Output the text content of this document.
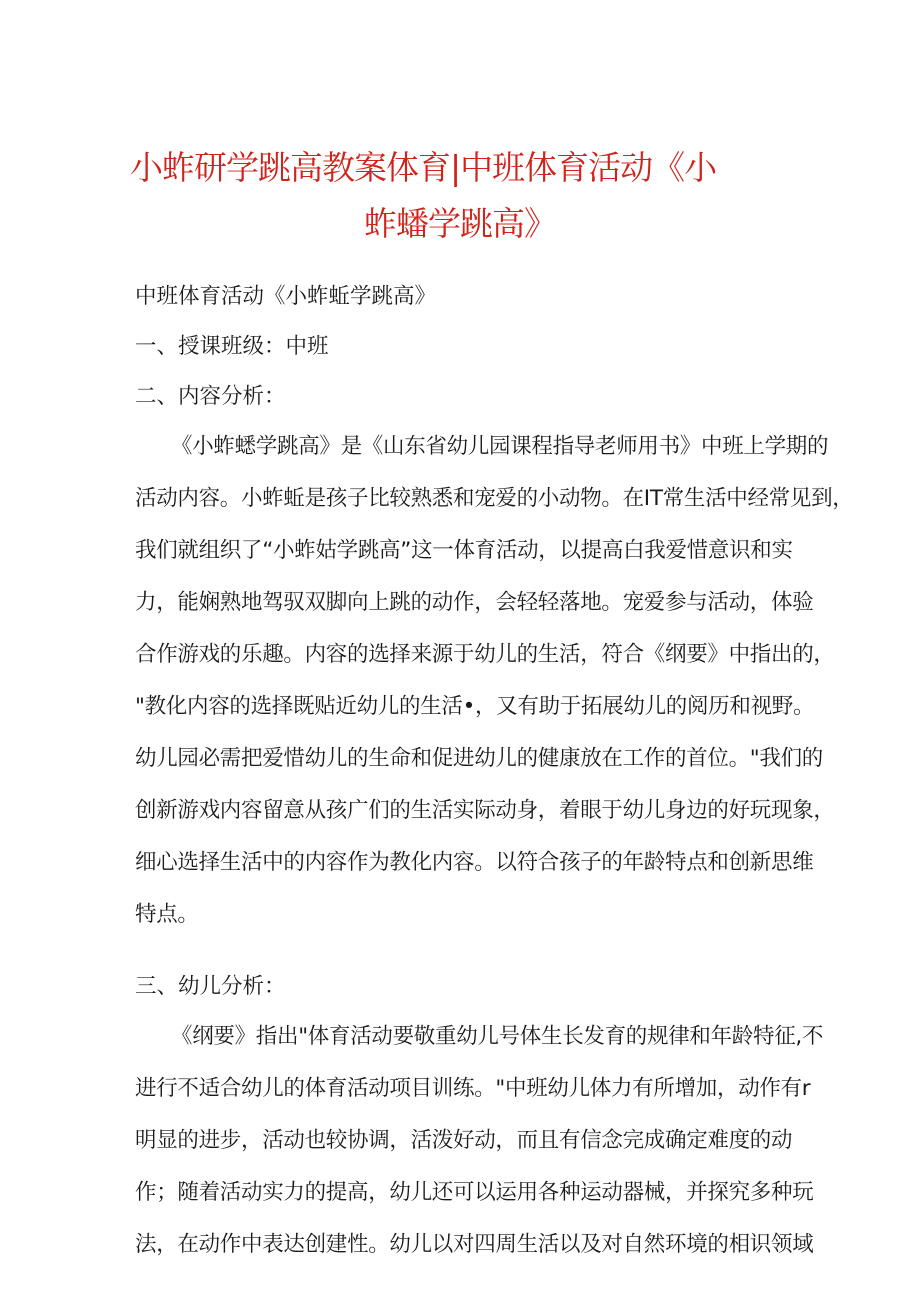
小蚱研学跳高教案体育|中班体育活动《小
蚱蟠学跳高》
中班体育活动《小蚱蚯学跳高》
一、授课班级：中班
二、内容分析：
《小蚱蟋学跳高》是《山东省幼儿园课程指导老师用书》中班上学期的
活动内容。小蚱蚯是孩子比较熟悉和宠爱的小动物。在IT常生活中经常见到，
我们就组织了“小蚱姑学跳高”这一体育活动，以提高白我爱惜意识和实
力，能娴熟地驾驭双脚向上跳的动作，会轻轻落地。宠爱参与活动，体验
合作游戏的乐趣。内容的选择来源于幼儿的生活，符合《纲要》中指出的，
"教化内容的选择既贴近幼儿的生活•，又有助于拓展幼儿的阅历和视野。
幼儿园必需把爱惜幼儿的生命和促进幼儿的健康放在工作的首位。"我们的
创新游戏内容留意从孩广们的生活实际动身，着眼于幼儿身边的好玩现象，
细心选择生活中的内容作为教化内容。以符合孩子的年龄特点和创新思维
特点。
三、幼儿分析：
《纲要》指出"体育活动要敬重幼儿号体生长发育的规律和年龄特征,不
进行不适合幼儿的体育活动项目训练。"中班幼儿体力有所增加，动作有r
明显的进步，活动也较协调，活泼好动，而且有信念完成确定难度的动
作；随着活动实力的提高，幼儿还可以运用各种运动器械，并探究多种玩
法，在动作中表达创建性。幼儿以对四周生活以及对自然环境的相识领域
